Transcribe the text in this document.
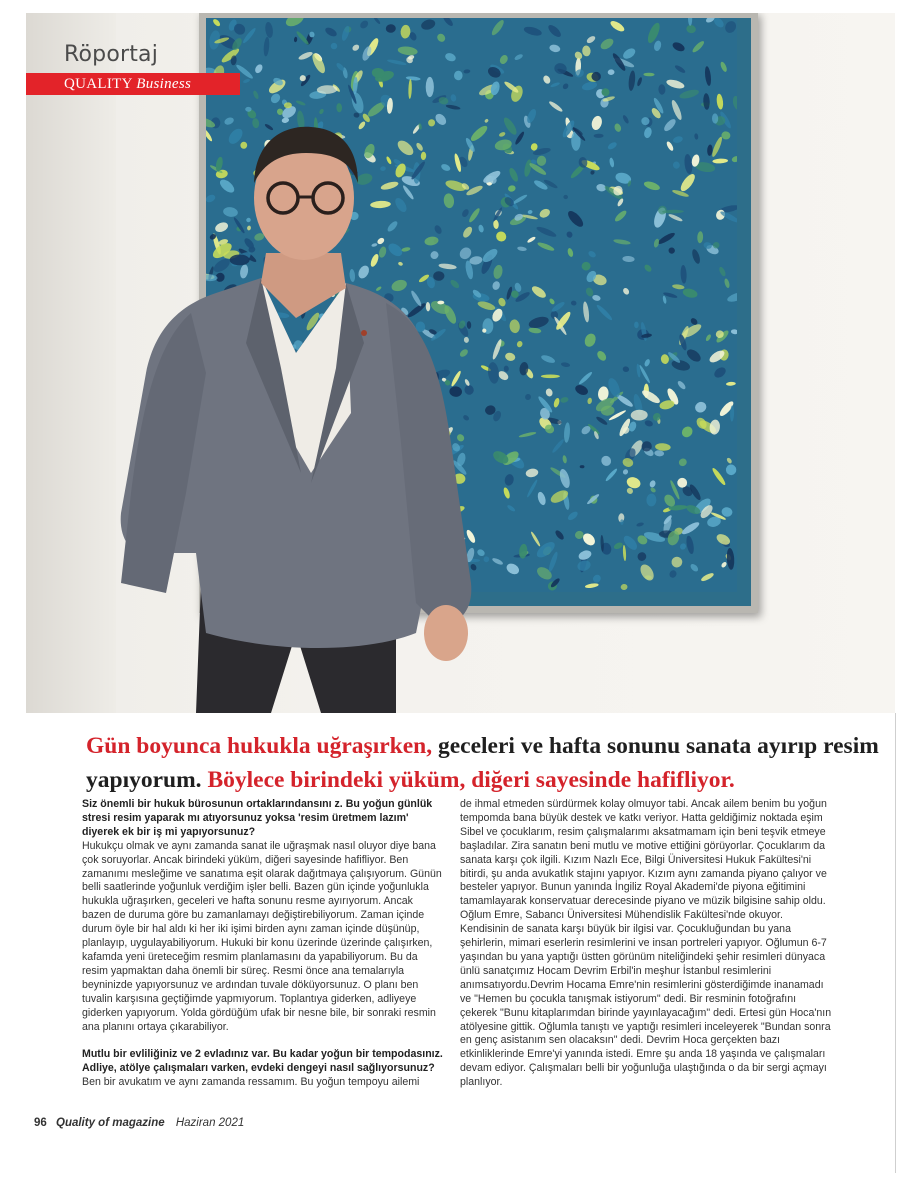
Röportaj
QUALITY Business
Gün boyunca hukukla uğraşırken, geceleri ve hafta sonunu sanata ayırıp resim yapıyorum. Böylece birindeki yüküm, diğeri sayesinde hafifliyor.

Siz önemli bir hukuk bürosunun ortaklarındansını z. Bu yoğun günlük stresi resim yaparak mı atıyorsunuz yoksa 'resim üretmem lazım' diyerek ek bir iş mi yapıyorsunuz?

Hukukçu olmak ve aynı zamanda sanat ile uğraşmak nasıl oluyor diye bana çok soruyorlar. Ancak birindeki yüküm, diğeri sayesinde hafifliyor. Ben zamanımı mesleğime ve sanatıma eşit olarak dağıtmaya çalışıyorum. Günün belli saatlerinde yoğunluk verdiğim işler belli. Bazen gün içinde yoğunlukla hukukla uğraşırken, geceleri ve hafta sonunu resme ayırıyorum. Ancak bazen de duruma göre bu zamanlamayı değiştirebiliyorum. Zaman içinde durum öyle bir hal aldı ki her iki işimi birden aynı zaman içinde düşünüp, planlayıp, uygulayabiliyorum. Hukuki bir konu üzerinde üzerinde çalışırken, kafamda yeni üreteceğim resmim planlamasını da yapabiliyorum. Bu da resim yapmaktan daha önemli bir süreç. Resmi önce ana temalarıyla beyninizde yapıyorsunuz ve ardından tuvale döküyorsunuz. O planı ben tuvalin karşısına geçtiğimde yapmıyorum. Toplantıya giderken, adliyeye giderken yapıyorum. Yolda gördüğüm ufak bir nesne bile, bir sonraki resmin ana planını ortaya çıkarabiliyor.

Mutlu bir evliliğiniz ve 2 evladınız var. Bu kadar yoğun bir tempodasınız. Adliye, atölye çalışmaları varken, evdeki dengeyi nasıl sağlıyorsunuz?

Ben bir avukatım ve aynı zamanda ressamım. Bu yoğun tempoyu ailemi

de ihmal etmeden sürdürmek kolay olmuyor tabi. Ancak ailem benim bu yoğun tempomda bana büyük destek ve katkı veriyor. Hatta geldiğimiz noktada eşim Sibel ve çocuklarım, resim çalışmalarımı aksatmamam için beni teşvik etmeye başladılar. Zira sanatın beni mutlu ve motive ettiğini görüyorlar. Çocuklarım da sanata karşı çok ilgili. Kızım Nazlı Ece, Bilgi Üniversitesi Hukuk Fakültesi'ni bitirdi, şu anda avukatlık stajını yapıyor. Kızım aynı zamanda piyano çalıyor ve besteler yapıyor. Bunun yanında İngiliz Royal Akademi'de piyona eğitimini tamamlayarak konservatuar derecesinde piyano ve müzik bilgisine sahip oldu.

Oğlum Emre, Sabancı Üniversitesi Mühendislik Fakültesi'nde okuyor. Kendisinin de sanata karşı büyük bir ilgisi var. Çocukluğundan bu yana şehirlerin, mimari eserlerin resimlerini ve insan portreleri yapıyor. Oğlumun 6-7 yaşından bu yana yaptığı üstten görünüm niteliğindeki şehir resimleri dünyaca ünlü sanatçımız Hocam Devrim Erbil'in meşhur İstanbul resimlerini anımsatıyordu.Devrim Hocama Emre'nin resimlerini gösterdiğimde inanamadı ve "Hemen bu çocukla tanışmak istiyorum" dedi. Bir resminin fotoğrafını çekerek "Bunu kitaplarımdan birinde yayınlayacağım" dedi. Ertesi gün Hoca'nın atölyesine gittik. Oğlumla tanıştı ve yaptığı resimleri inceleyerek "Bundan sonra en genç asistanım sen olacaksın" dedi. Devrim Hoca gerçekten bazı etkinliklerinde Emre'yi yanında istedi. Emre şu anda 18 yaşında ve çalışmaları devam ediyor. Çalışmaları belli bir yoğunluğa ulaştığında o da bir sergi açmayı planlıyor.

96 Quality of magazine Haziran 2021
